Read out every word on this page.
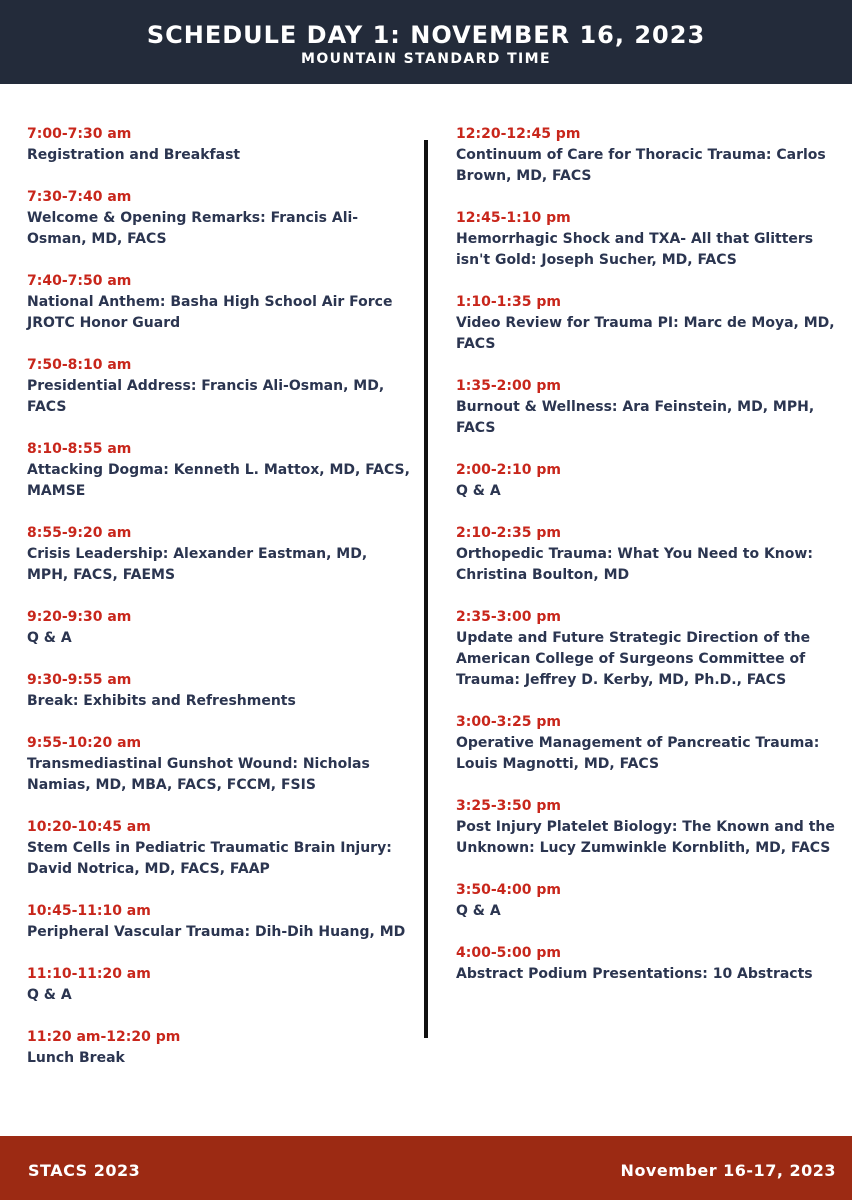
SCHEDULE DAY 1: NOVEMBER 16, 2023
MOUNTAIN STANDARD TIME
7:00-7:30 am
Registration and Breakfast
7:30-7:40 am
Welcome & Opening Remarks: Francis Ali-Osman, MD, FACS
7:40-7:50 am
National Anthem: Basha High School Air Force JROTC Honor Guard
7:50-8:10 am
Presidential Address: Francis Ali-Osman, MD, FACS
8:10-8:55 am
Attacking Dogma: Kenneth L. Mattox, MD, FACS, MAMSE
8:55-9:20 am
Crisis Leadership: Alexander Eastman, MD, MPH, FACS, FAEMS
9:20-9:30 am
Q & A
9:30-9:55 am
Break: Exhibits and Refreshments
9:55-10:20 am
Transmediastinal Gunshot Wound: Nicholas Namias, MD, MBA, FACS, FCCM, FSIS
10:20-10:45 am
Stem Cells in Pediatric Traumatic Brain Injury: David Notrica, MD, FACS, FAAP
10:45-11:10 am
Peripheral Vascular Trauma: Dih-Dih Huang, MD
11:10-11:20 am
Q & A
11:20 am-12:20 pm
Lunch Break
12:20-12:45 pm
Continuum of Care for Thoracic Trauma: Carlos Brown, MD, FACS
12:45-1:10 pm
Hemorrhagic Shock and TXA- All that Glitters isn't Gold: Joseph Sucher, MD, FACS
1:10-1:35 pm
Video Review for Trauma PI: Marc de Moya, MD, FACS
1:35-2:00 pm
Burnout & Wellness: Ara Feinstein, MD, MPH, FACS
2:00-2:10 pm
Q & A
2:10-2:35 pm
Orthopedic Trauma: What You Need to Know: Christina Boulton, MD
2:35-3:00 pm
Update and Future Strategic Direction of the American College of Surgeons Committee of Trauma: Jeffrey D. Kerby, MD, Ph.D., FACS
3:00-3:25 pm
Operative Management of Pancreatic Trauma: Louis Magnotti, MD, FACS
3:25-3:50 pm
Post Injury Platelet Biology: The Known and the Unknown: Lucy Zumwinkle Kornblith, MD, FACS
3:50-4:00 pm
Q & A
4:00-5:00 pm
Abstract Podium Presentations: 10 Abstracts
STACS 2023	November 16-17, 2023
